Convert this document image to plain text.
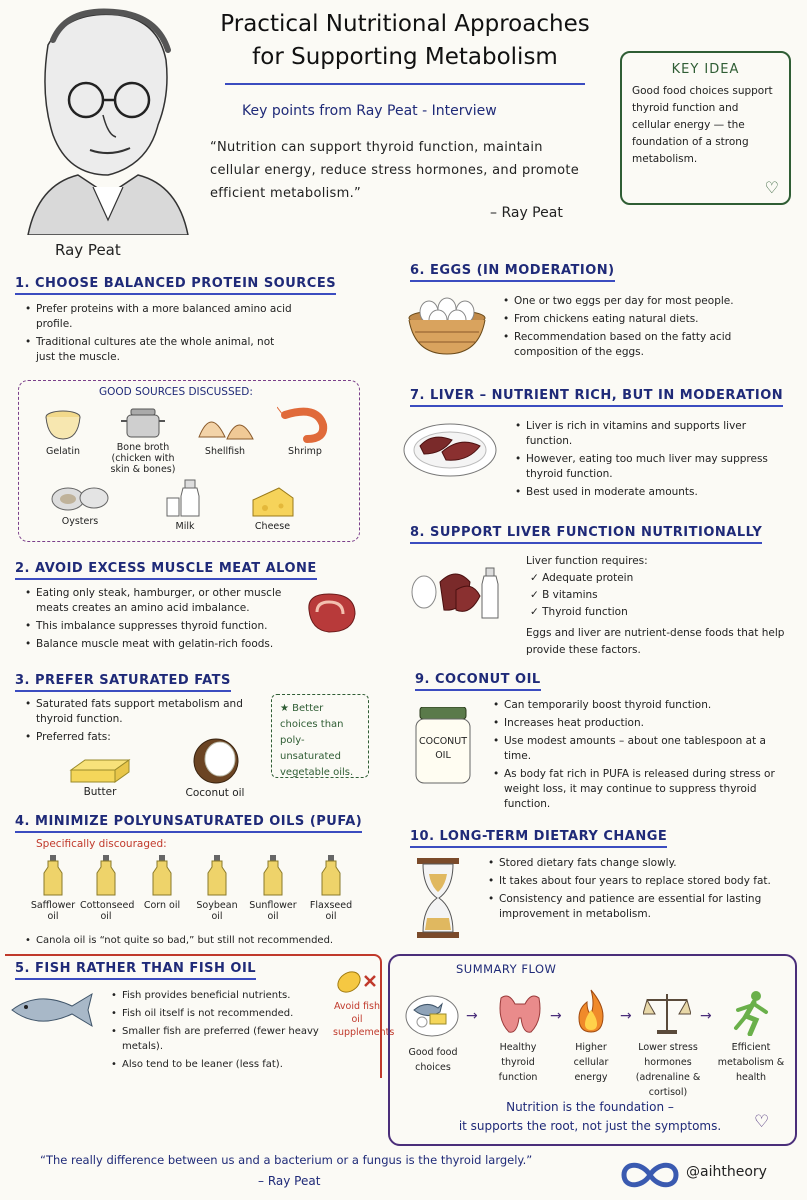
Ray Peat
Practical Nutritional Approaches
for Supporting Metabolism
Key points from Ray Peat - Interview
“Nutrition can support thyroid function, maintain cellular energy, reduce stress hormones, and promote efficient metabolism.”
– Ray Peat
KEY IDEA
Good food choices support thyroid function and cellular energy — the foundation of a strong metabolism.
♡
1. CHOOSE BALANCED PROTEIN SOURCES
• Prefer proteins with a more balanced amino acid profile.
• Traditional cultures ate the whole animal, not just the muscle.
GOOD SOURCES DISCUSSED:
Gelatin	Bone broth (chicken with skin & bones)
Shellfish	Shrimp
Oysters	Milk	Cheese
2. AVOID EXCESS MUSCLE MEAT ALONE
• Eating only steak, hamburger, or other muscle meats creates an amino acid imbalance.
• This imbalance suppresses thyroid function.
• Balance muscle meat with gelatin-rich foods.
3. PREFER SATURATED FATS
• Saturated fats support metabolism and thyroid function.
• Preferred fats:
Butter	Coconut oil
★ Better choices than poly-unsaturated vegetable oils.
4. MINIMIZE POLYUNSATURATED OILS (PUFA)
Specifically discouraged:
Safflower oil
Cottonseed oil
Corn oil	Soybean oil
Sunflower oil
Flaxseed oil
• Canola oil is “not quite so bad,” but still not recommended.
5. FISH RATHER THAN FISH OIL
• Fish provides beneficial nutrients.
• Fish oil itself is not recommended.
• Smaller fish are preferred (fewer heavy metals).
• Also tend to be leaner (less fat).
Avoid fish oil supplements
6. EGGS (IN MODERATION)
• One or two eggs per day for most people.
• From chickens eating natural diets.
• Recommendation based on the fatty acid composition of the eggs.
7. LIVER – NUTRIENT RICH, BUT IN MODERATION
• Liver is rich in vitamins and supports liver function.
• However, eating too much liver may suppress thyroid function.
• Best used in moderate amounts.
8. SUPPORT LIVER FUNCTION NUTRITIONALLY
Liver function requires:
✓ Adequate protein
✓ B vitamins
✓ Thyroid function
Eggs and liver are nutrient-dense foods that help provide these factors.
9. COCONUT OIL
COCONUT OIL
• Can temporarily boost thyroid function.
• Increases heat production.
• Use modest amounts – about one tablespoon at a time.
• As body fat rich in PUFA is released during stress or weight loss, it may continue to suppress thyroid function.
10. LONG-TERM DIETARY CHANGE
• Stored dietary fats change slowly.
• It takes about four years to replace stored body fat.
• Consistency and patience are essential for lasting improvement in metabolism.
SUMMARY FLOW
→	→	→	→
Good food choices
Healthy thyroid function
Higher cellular energy
Lower stress hormones (adrenaline & cortisol)
Efficient metabolism & health
Nutrition is the foundation –
it supports the root, not just the symptoms.	♡
“The really difference between us and a bacterium or a fungus is the thyroid largely.”
– Ray Peat
@aihtheory
